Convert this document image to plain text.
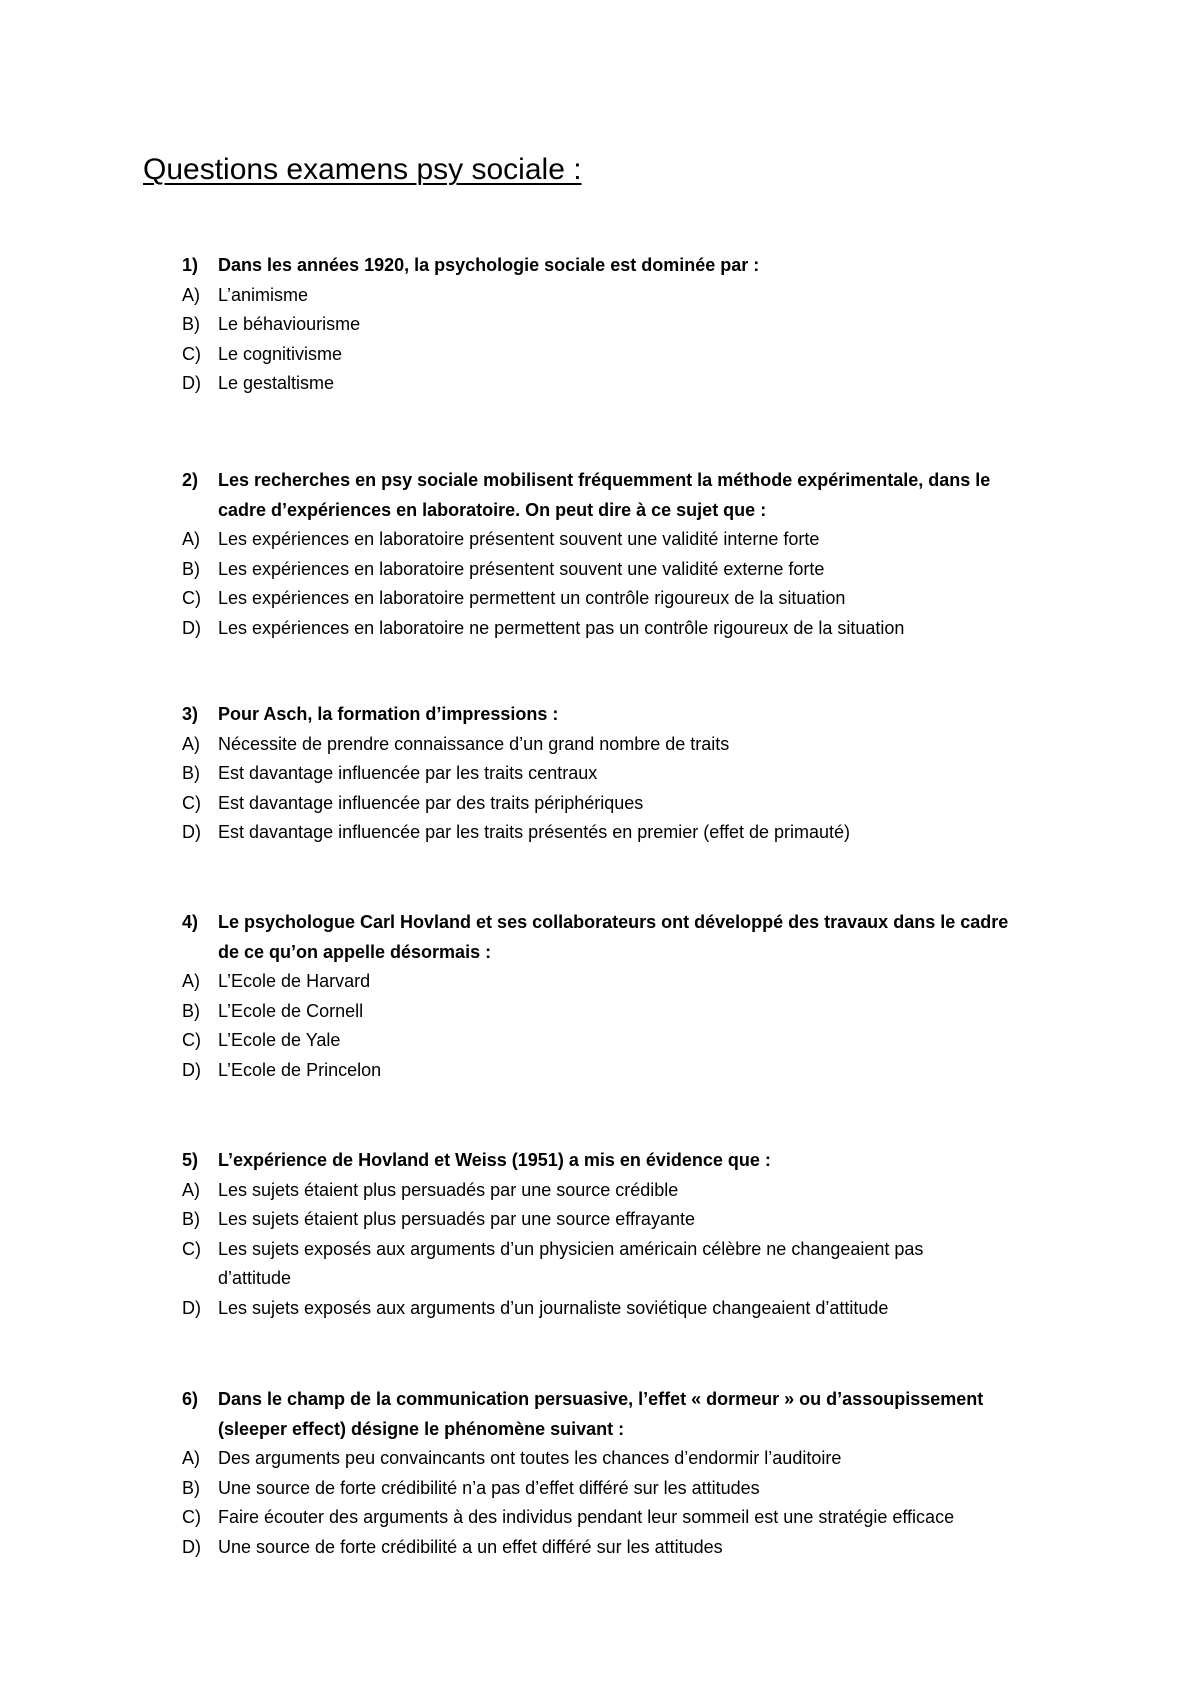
Questions examens psy sociale :
1)	Dans les années 1920, la psychologie sociale est dominée par :
A)	L’animisme
B)	Le béhaviourisme
C) Le cognitivisme
D) Le gestaltisme
2)	Les recherches en psy sociale mobilisent fréquemment la méthode expérimentale, dans le
cadre d’expériences en laboratoire. On peut dire à ce sujet que :
A)	Les expériences en laboratoire présentent souvent une validité interne forte
B)	Les expériences en laboratoire présentent souvent une validité externe forte
C) Les expériences en laboratoire permettent un contrôle rigoureux de la situation
D) Les expériences en laboratoire ne permettent pas un contrôle rigoureux de la situation
3)	Pour Asch, la formation d’impressions :
A)	Nécessite de prendre connaissance d’un grand nombre de traits
B)	Est davantage influencée par les traits centraux
C) Est davantage influencée par des traits périphériques
D) Est davantage influencée par les traits présentés en premier (effet de primauté)
4)	Le psychologue Carl Hovland et ses collaborateurs ont développé des travaux dans le cadre
de ce qu’on appelle désormais :
A)	L’Ecole de Harvard
B)	L’Ecole de Cornell
C) L’Ecole de Yale
D) L’Ecole de Princelon
5)	L’expérience de Hovland et Weiss (1951) a mis en évidence que :
A)	Les sujets étaient plus persuadés par une source crédible
B)	Les sujets étaient plus persuadés par une source effrayante
C) Les sujets exposés aux arguments d’un physicien américain célèbre ne changeaient pas
d’attitude
D) Les sujets exposés aux arguments d’un journaliste soviétique changeaient d’attitude
6)	Dans le champ de la communication persuasive, l’effet « dormeur » ou d’assoupissement
(sleeper effect) désigne le phénomène suivant :
A)	Des arguments peu convaincants ont toutes les chances d’endormir l’auditoire
B)	Une source de forte crédibilité n’a pas d’effet différé sur les attitudes
C) Faire écouter des arguments à des individus pendant leur sommeil est une stratégie efficace
D) Une source de forte crédibilité a un effet différé sur les attitudes
